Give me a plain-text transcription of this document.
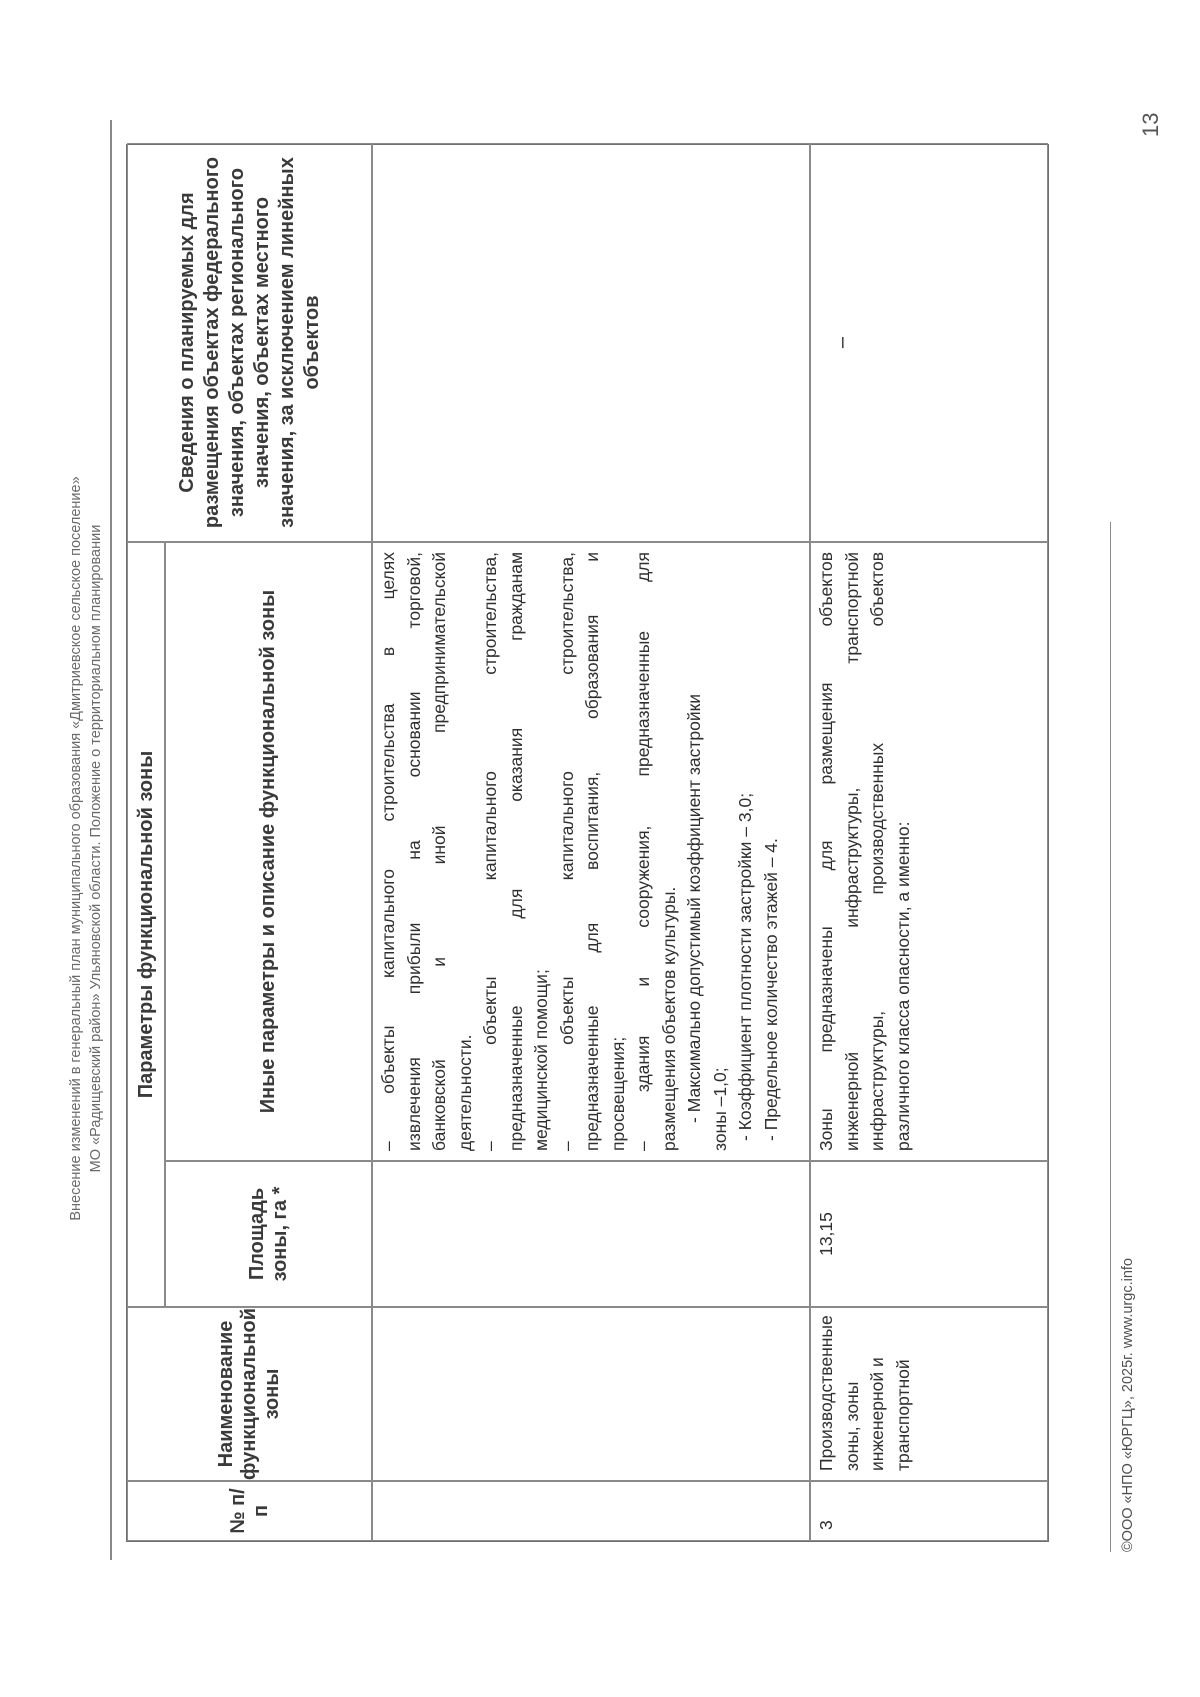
Внесение изменений в генеральный план муниципального образования «Дмитриевское сельское поселение» МО «Радищевский район» Ульяновской области. Положение о территориальном планировании
№ п/п
Наименование функциональной зоны
Параметры функциональной зоны
Площадь зоны, га *
Иные параметры и описание функциональной зоны
Сведения о планируемых для размещения объектах федерального значения, объектах регионального значения, объектах местного значения, за исключением линейных объектов

– объекты капитального строительства в целях извлечения прибыли на основании торговой, банковской и иной предпринимательской деятельности. – объекты капитального строительства, предназначенные для оказания гражданам медицинской помощи; – объекты капитального строительства, предназначенные для воспитания, образования и просвещения; – здания и сооружения, предназначенные для размещения объектов культуры. - Максимально допустимый коэффициент застройки зоны –1,0; - Коэффициент плотности застройки – 3,0; - Предельное количество этажей – 4.

3

Производственные зоны, зоны инженерной и транспортной

13,15

Зоны предназначены для размещения объектов инженерной инфраструктуры, транспортной инфраструктуры, производственных объектов различного класса опасности, а именно:

–
©ООО «НПО «ЮРГЦ», 2025г. www.urgc.info
13
